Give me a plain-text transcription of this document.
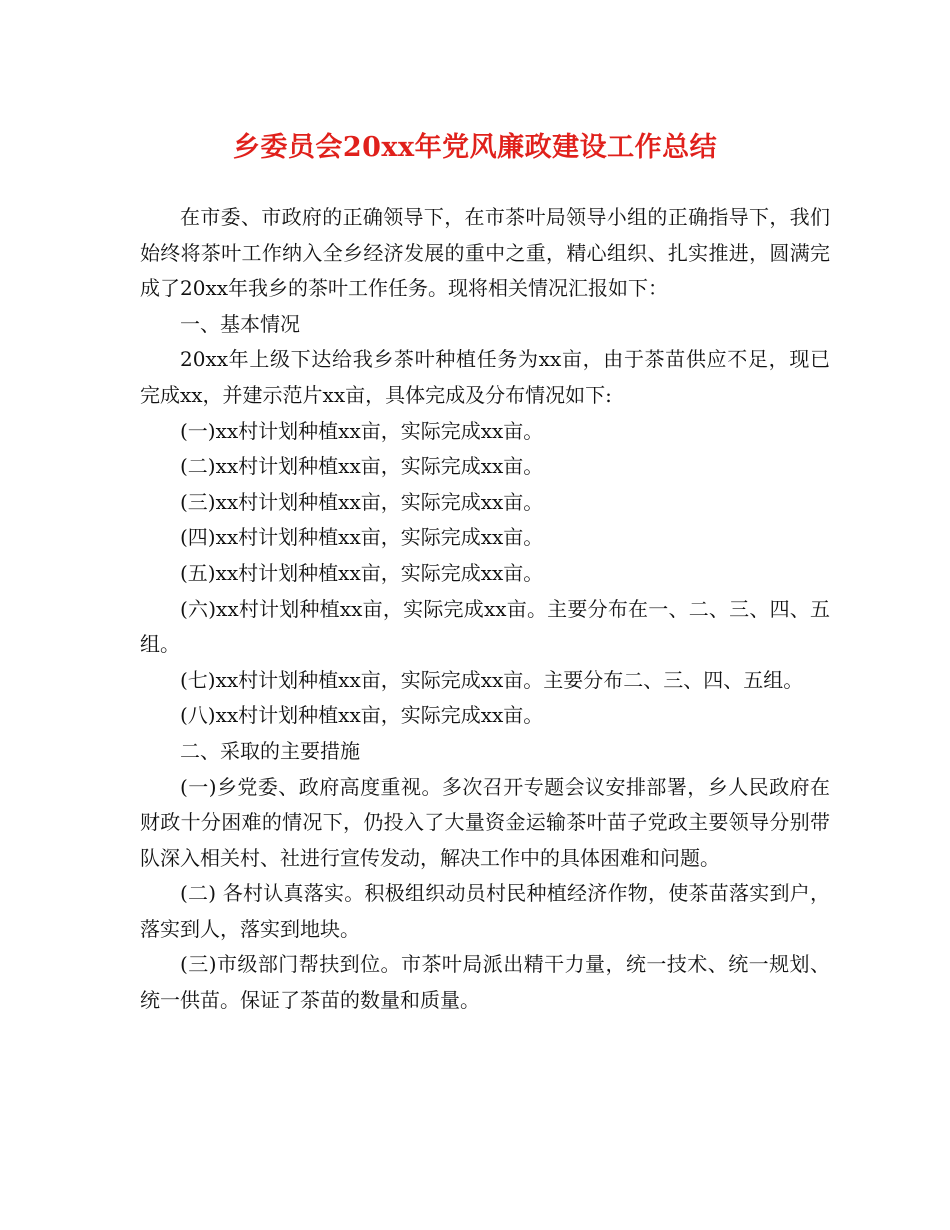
乡委员会20xx年党风廉政建设工作总结

在市委、市政府的正确领导下，在市茶叶局领导小组的正确指导下，我们始终将茶叶工作纳入全乡经济发展的重中之重，精心组织、扎实推进，圆满完成了20xx年我乡的茶叶工作任务。现将相关情况汇报如下：

一、基本情况

20xx年上级下达给我乡茶叶种植任务为xx亩，由于茶苗供应不足，现已完成xx，并建示范片xx亩，具体完成及分布情况如下:

(一)xx村计划种植xx亩，实际完成xx亩。

(二)xx村计划种植xx亩，实际完成xx亩。

(三)xx村计划种植xx亩，实际完成xx亩。

(四)xx村计划种植xx亩，实际完成xx亩。

(五)xx村计划种植xx亩，实际完成xx亩。

(六)xx村计划种植xx亩，实际完成xx亩。主要分布在一、二、三、四、五组。

(七)xx村计划种植xx亩，实际完成xx亩。主要分布二、三、四、五组。

(八)xx村计划种植xx亩，实际完成xx亩。

二、采取的主要措施

(一)乡党委、政府高度重视。多次召开专题会议安排部署，乡人民政府在财政十分困难的情况下，仍投入了大量资金运输茶叶苗子党政主要领导分别带队深入相关村、社进行宣传发动，解决工作中的具体困难和问题。

(二) 各村认真落实。积极组织动员村民种植经济作物，使茶苗落实到户，落实到人，落实到地块。

(三)市级部门帮扶到位。市茶叶局派出精干力量，统一技术、统一规划、统一供苗。保证了茶苗的数量和质量。
